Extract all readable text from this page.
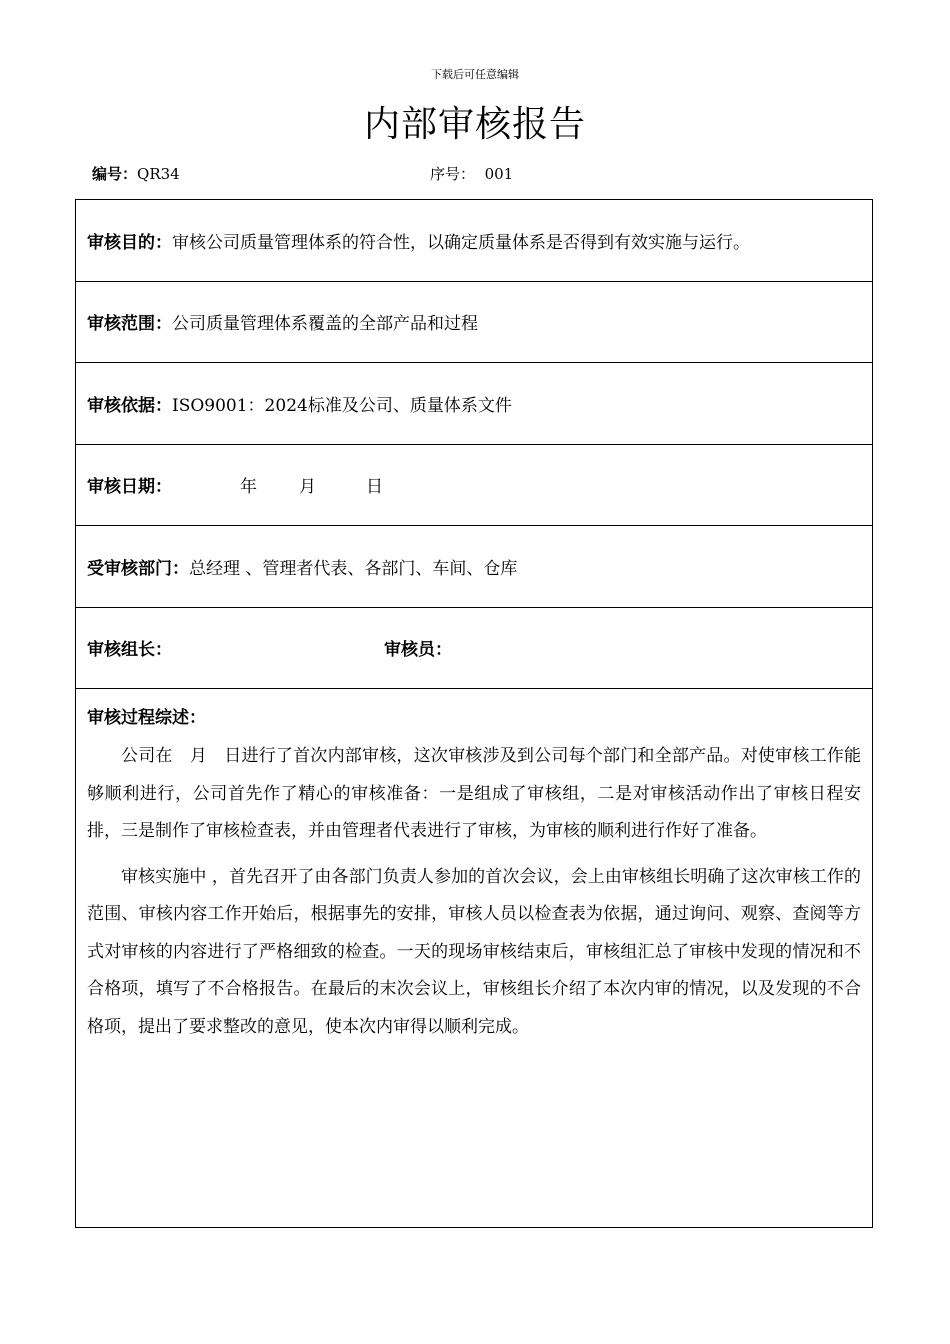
下载后可任意编辑
内部审核报告
编号：QR34	序号： 001
审核目的： 审核公司质量管理体系的符合性，以确定质量体系是否得到有效实施与运行。
审核范围： 公司质量管理体系覆盖的全部产品和过程
审核依据： ISO9001：2024标准及公司、质量体系文件
审核日期：	年 月	日
受审核部门： 总经理 、管理者代表、各部门、车间、仓库
审核组长：	审核员：
审核过程综述：

公司在　月　日进行了首次内部审核，这次审核涉及到公司每个部门和全部产品。对使审核工作能够顺利进行，公司首先作了精心的审核准备：一是组成了审核组，二是对审核活动作出了审核日程安排，三是制作了审核检查表，并由管理者代表进行了审核，为审核的顺利进行作好了准备。

审核实施中 ，首先召开了由各部门负责人参加的首次会议，会上由审核组长明确了这次审核工作的范围、审核内容工作开始后，根据事先的安排，审核人员以检查表为依据，通过询问、观察、查阅等方式对审核的内容进行了严格细致的检查。一天的现场审核结束后，审核组汇总了审核中发现的情况和不合格项，填写了不合格报告。在最后的末次会议上，审核组长介绍了本次内审的情况，以及发现的不合格项，提出了要求整改的意见，使本次内审得以顺利完成。
